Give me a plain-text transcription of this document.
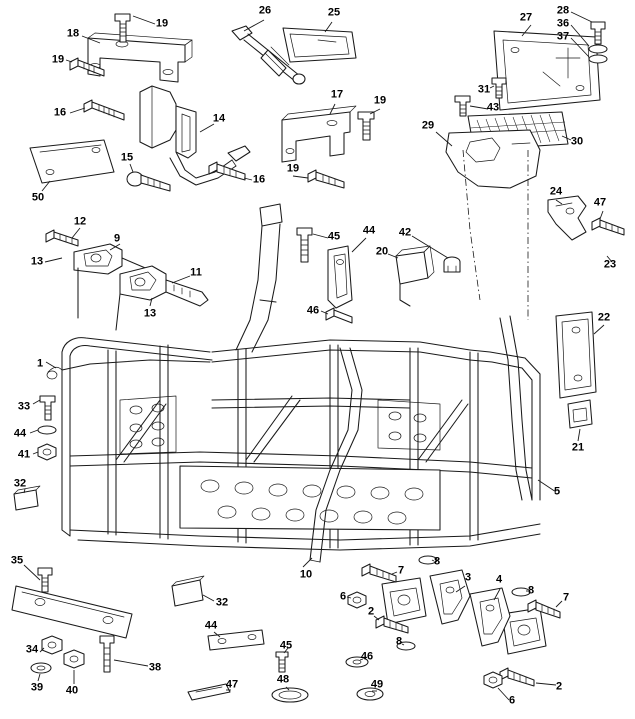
19
18
26	25	27
28
36
37
19
31
17	19
16	43
14
29
30
15
19
16
50	24
47
12
45 44 42
9
20
13	23
11
13	46
22
1
33
21
44
41
32
5
35
10
32
8
7
3 4
8
7
6
2
44
8
34	45
46
38
39 40	47	48	49	2
6
